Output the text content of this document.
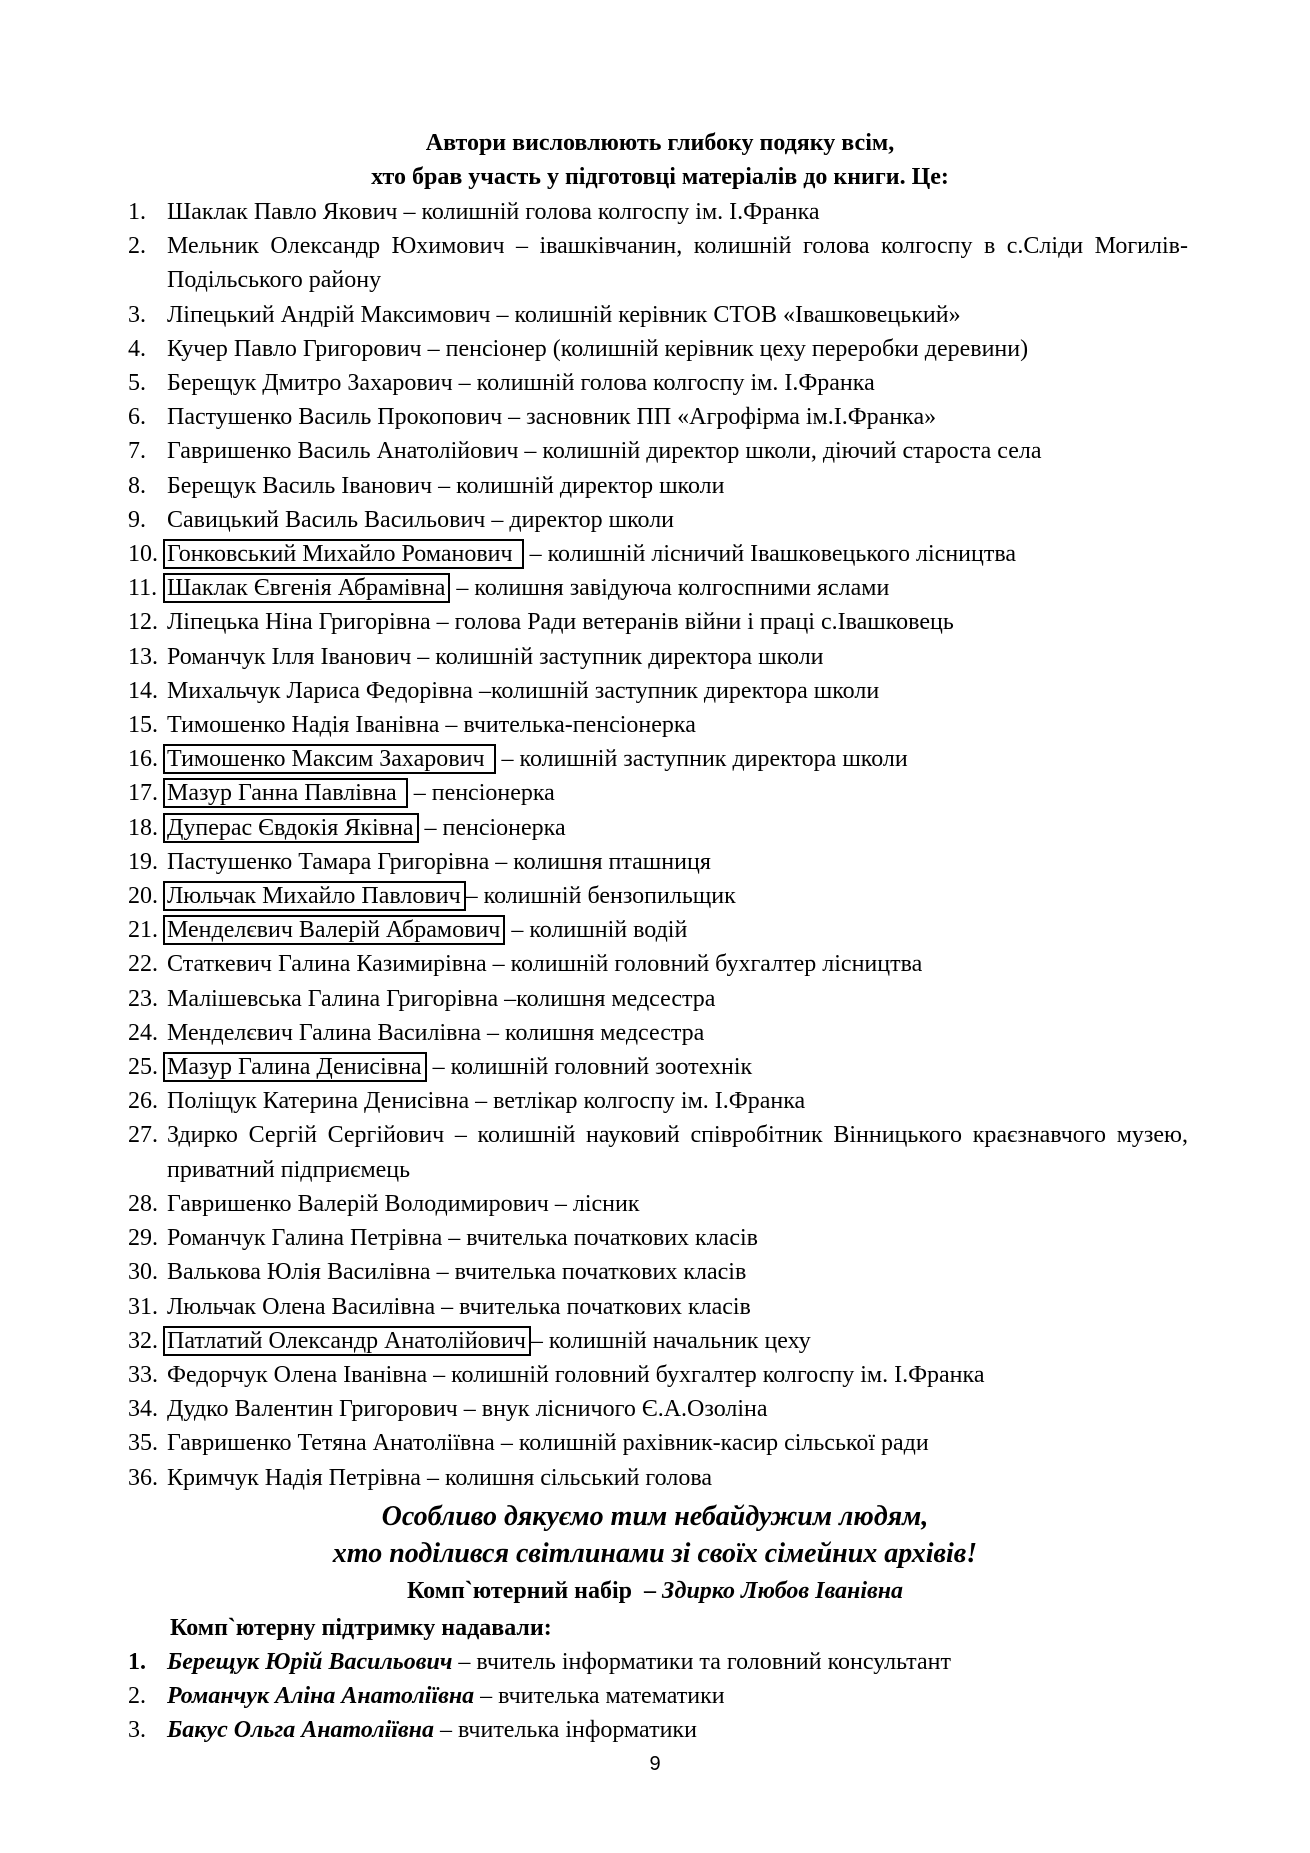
Автори висловлюють глибоку подяку всім,
хто брав участь у підготовці матеріалів до книги. Це:
1. Шаклак Павло Якович – колишній голова колгоспу ім. І.Франка
2. Мельник Олександр Юхимович – івашківчанин, колишній голова колгоспу в с.Сліди Могилів-Подільського району
3. Ліпецький Андрій Максимович – колишній керівник СТОВ «Івашковецький»
4. Кучер Павло Григорович – пенсіонер (колишній керівник цеху переробки деревини)
5. Берещук Дмитро Захарович – колишній голова колгоспу ім. І.Франка
6. Пастушенко Василь Прокопович – засновник ПП «Агрофірма ім.І.Франка»
7. Гавришенко Василь Анатолійович – колишній директор школи, діючий староста села
8. Берещук Василь Іванович – колишній директор школи
9. Савицький Василь Васильович – директор школи
10. Гонковський Михайло Романович  – колишній лісничий Івашковецького лісництва
11. Шаклак Євгенія Абрамівна – колишня завідуюча колгоспними яслами
12. Ліпецька Ніна Григорівна – голова Ради ветеранів війни і праці с.Івашковець
13. Романчук Ілля Іванович – колишній заступник директора школи
14. Михальчук Лариса Федорівна –колишній заступник директора школи
15. Тимошенко Надія Іванівна – вчителька-пенсіонерка
16. Тимошенко Максим Захарович  – колишній заступник директора школи
17. Мазур Ганна Павлівна  – пенсіонерка
18. Дуперас Євдокія Яківна – пенсіонерка
19. Пастушенко Тамара Григорівна – колишня пташниця
20. Люльчак Михайло Павлович – колишній бензопильщик
21. Менделєвич Валерій Абрамович – колишній водій
22. Статкевич Галина Казимирівна – колишній головний бухгалтер лісництва
23. Малішевська Галина Григорівна –колишня медсестра
24. Менделєвич Галина Василівна – колишня медсестра
25. Мазур Галина Денисівна – колишній головний зоотехнік
26. Поліщук Катерина Денисівна – ветлікар колгоспу ім. І.Франка
27. Здирко Сергій Сергійович – колишній науковий співробітник Вінницького краєзнавчого музею, приватний підприємець
28. Гавришенко Валерій Володимирович – лісник
29. Романчук Галина Петрівна – вчителька початкових класів
30. Валькова Юлія Василівна – вчителька початкових класів
31. Люльчак Олена Василівна – вчителька початкових класів
32. Патлатий Олександр Анатолійович – колишній начальник цеху
33. Федорчук Олена Іванівна – колишній головний бухгалтер колгоспу ім. І.Франка
34. Дудко Валентин Григорович – внук лісничого Є.А.Озоліна
35. Гавришенко Тетяна Анатоліївна – колишній рахівник-касир сільської ради
36. Кримчук Надія Петрівна – колишня сільський голова
Особливо дякуємо тим небайдужим людям,
хто поділився світлинами зі своїх сімейних архівів!
Комп`ютерний набір  – Здирко Любов Іванівна
Комп`ютерну підтримку надавали:
1. Берещук Юрій Васильович – вчитель інформатики та головний консультант
2. Романчук Аліна Анатоліївна – вчителька математики
3. Бакус Ольга Анатоліївна – вчителька інформатики
9
